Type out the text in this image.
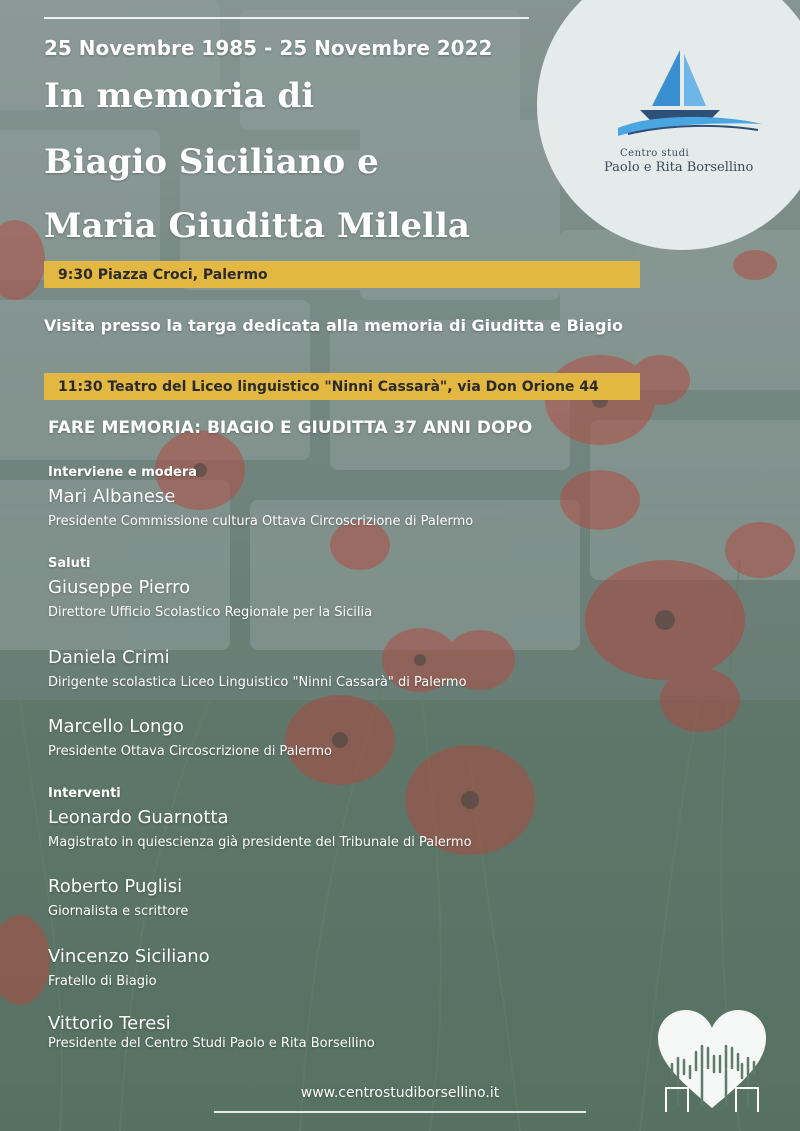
Centro studi
Paolo e Rita Borsellino
25 Novembre 1985 - 25 Novembre 2022
In memoria di
Biagio Siciliano e
Maria Giuditta Milella
9:30 Piazza Croci, Palermo
Visita presso la targa dedicata alla memoria di Giuditta e Biagio
11:30 Teatro del Liceo linguistico "Ninni Cassarà", via Don Orione 44
FARE MEMORIA: BIAGIO E GIUDITTA 37 ANNI DOPO
Interviene e modera
Mari Albanese
Presidente Commissione cultura Ottava Circoscrizione di Palermo
Saluti
Giuseppe Pierro
Direttore Ufficio Scolastico Regionale per la Sicilia
Daniela Crimi
Dirigente scolastica Liceo Linguistico "Ninni Cassarà" di Palermo
Marcello Longo
Presidente Ottava Circoscrizione di Palermo
Interventi
Leonardo Guarnotta
Magistrato in quiescienza già presidente del Tribunale di Palermo
Roberto Puglisi
Giornalista e scrittore
Vincenzo Siciliano
Fratello di Biagio
Vittorio Teresi
Presidente del Centro Studi Paolo e Rita Borsellino
www.centrostudiborsellino.it
